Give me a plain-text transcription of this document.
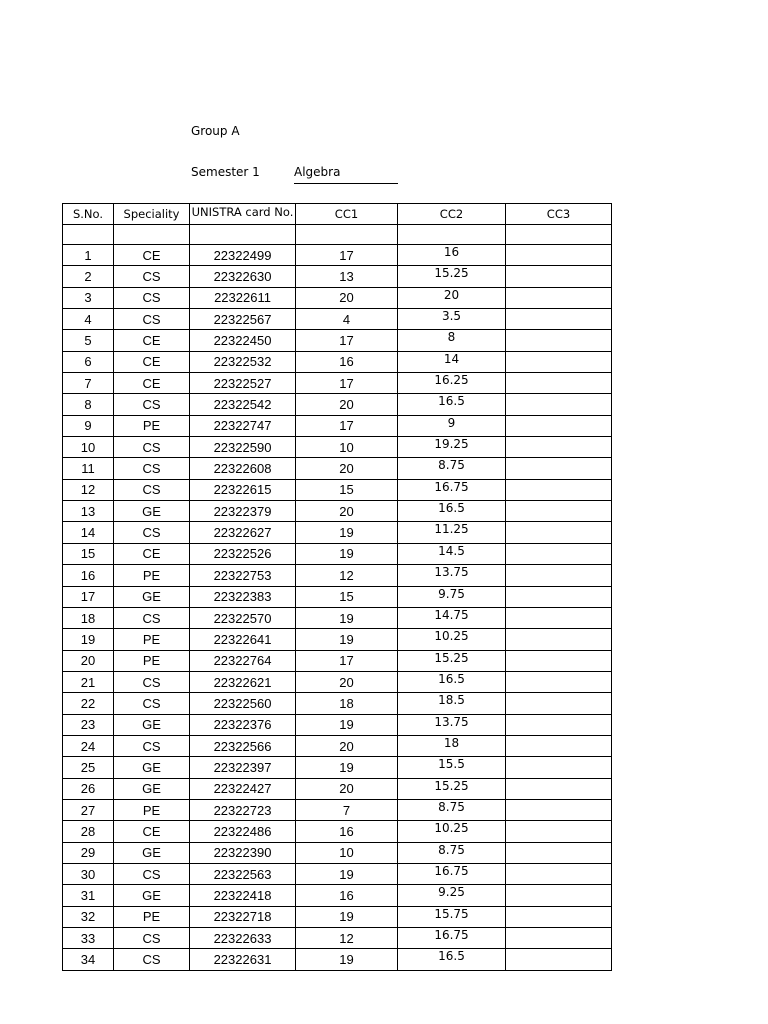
Group A
Semester 1	Algebra
S.No.	Speciality	UNISTRA card No.	CC1	CC2	CC3

1	CE	22322499	17	16	
2	CS	22322630	13	15.25	
3	CS	22322611	20	20	
4	CS	22322567	4	3.5	
5	CE	22322450	17	8	
6	CE	22322532	16	14	
7	CE	22322527	17	16.25	
8	CS	22322542	20	16.5	
9	PE	22322747	17	9	
10	CS	22322590	10	19.25	
11	CS	22322608	20	8.75	
12	CS	22322615	15	16.75	
13	GE	22322379	20	16.5	
14	CS	22322627	19	11.25	
15	CE	22322526	19	14.5	
16	PE	22322753	12	13.75	
17	GE	22322383	15	9.75	
18	CS	22322570	19	14.75	
19	PE	22322641	19	10.25	
20	PE	22322764	17	15.25	
21	CS	22322621	20	16.5	
22	CS	22322560	18	18.5	
23	GE	22322376	19	13.75	
24	CS	22322566	20	18	
25	GE	22322397	19	15.5	
26	GE	22322427	20	15.25	
27	PE	22322723	7	8.75	
28	CE	22322486	16	10.25	
29	GE	22322390	10	8.75	
30	CS	22322563	19	16.75	
31	GE	22322418	16	9.25	
32	PE	22322718	19	15.75	
33	CS	22322633	12	16.75	
34	CS	22322631	19	16.5	
